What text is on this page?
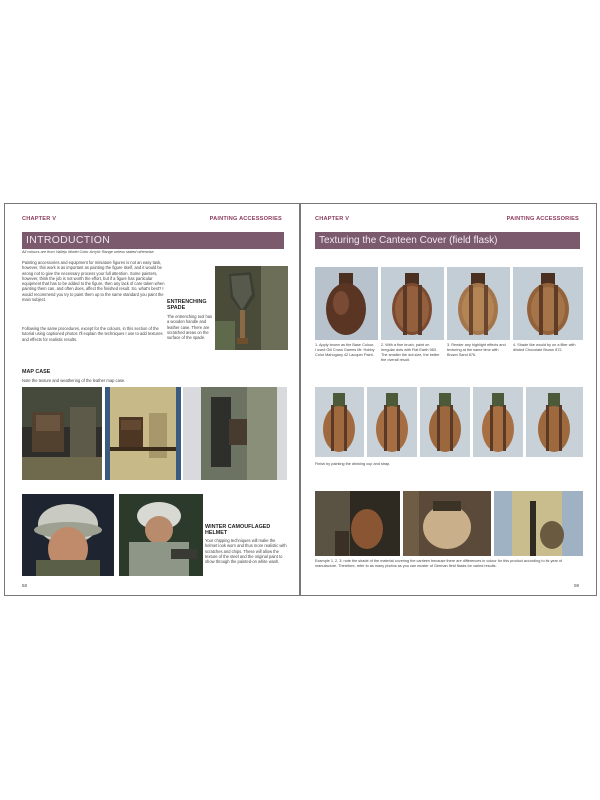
CHAPTER V	PAINTING ACCESSORIES
INTRODUCTION
All colours are from Vallejo Model Color Acrylic Range unless stated otherwise.
Painting accessories and equipment for miniature figures is not an easy task, however, this work is as important as painting the figure itself, and it would be wrong not to give the necessary process your full attention. Some painters, however, think the job is not worth the effort, but if a figure has particular equipment that has to be added to the figure, then any lack of care taken when painting them can, and often does, affect the finished result. So, what's best? I would recommend you try to paint them up to the same standard you paint the main subject.
Following the same procedures, except for the colours, in this section of the tutorial using captioned photos I'll explain the techniques I use to add textures and effects for realistic results.
ENTRENCHING SPADE
The entrenching tool has a wooden handle and leather case. There are scratched areas on the surface of the spade.
MAP CASE
Note the texture and weathering of the leather map case.
WINTER CAMOUFLAGED HELMET
Your chipping techniques will make the helmet look worn and thus more realistic with scratches and chips. These will allow the texture of the steel and the original paint to show through the painted-on white wash.
58
CHAPTER V	PAINTING ACCESSORIES
Texturing the Canteen Cover (field flask)
1. Apply brown as the Base Colour. I used Gili Cross Games Mr. Hobby Color Mahogany 42 Lacquer Paint.
2. With a fine brush, paint on irregular dots with Flat Earth 983. The smaller the dot size, the better the overall result.
3. Render any highlight effects and texturing at the same time with Brown Sand 876.
4. Shade like would by on a filter with diluted Chocolate Brown 872.
Finish by painting the drinking cup and strap.
Example 1, 2, 3: note the shade of the material covering the canteen because there are differences in colour for this product according to its year of manufacture. Therefore, refer to as many photos as you can muster of German field flasks for varied results.
59
